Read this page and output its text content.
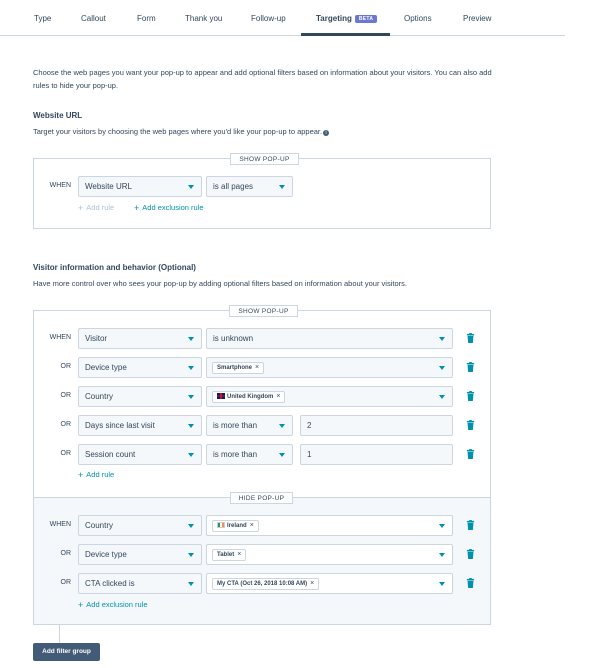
Type	Callout	Form	Thank you	Follow-up	Targeting BETA	Options	Preview

Choose the web pages you want your pop-up to appear and add optional filters based on information about your visitors. You can also add rules to hide your pop-up.

Website URL
Target your visitors by choosing the web pages where you'd like your pop-up to appear. i
SHOW POP-UP
WHEN	Website URL	is all pages
+ Add rule + Add exclusion rule
Visitor information and behavior (Optional)
Have more control over who sees your pop-up by adding optional filters based on information about your visitors.
SHOW POP-UP
WHEN	Visitor	is unknown
OR	Device type	Smartphone ×
OR	Country	United Kingdom ×
OR	Days since last visit	is more than	2
OR	Session count	is more than	1
+ Add rule
HIDE POP-UP
WHEN	Country	Ireland ×
OR	Device type	Tablet ×
OR	CTA clicked is	My CTA (Oct 26, 2018 10:08 AM) ×
+ Add exclusion rule
Add filter group
